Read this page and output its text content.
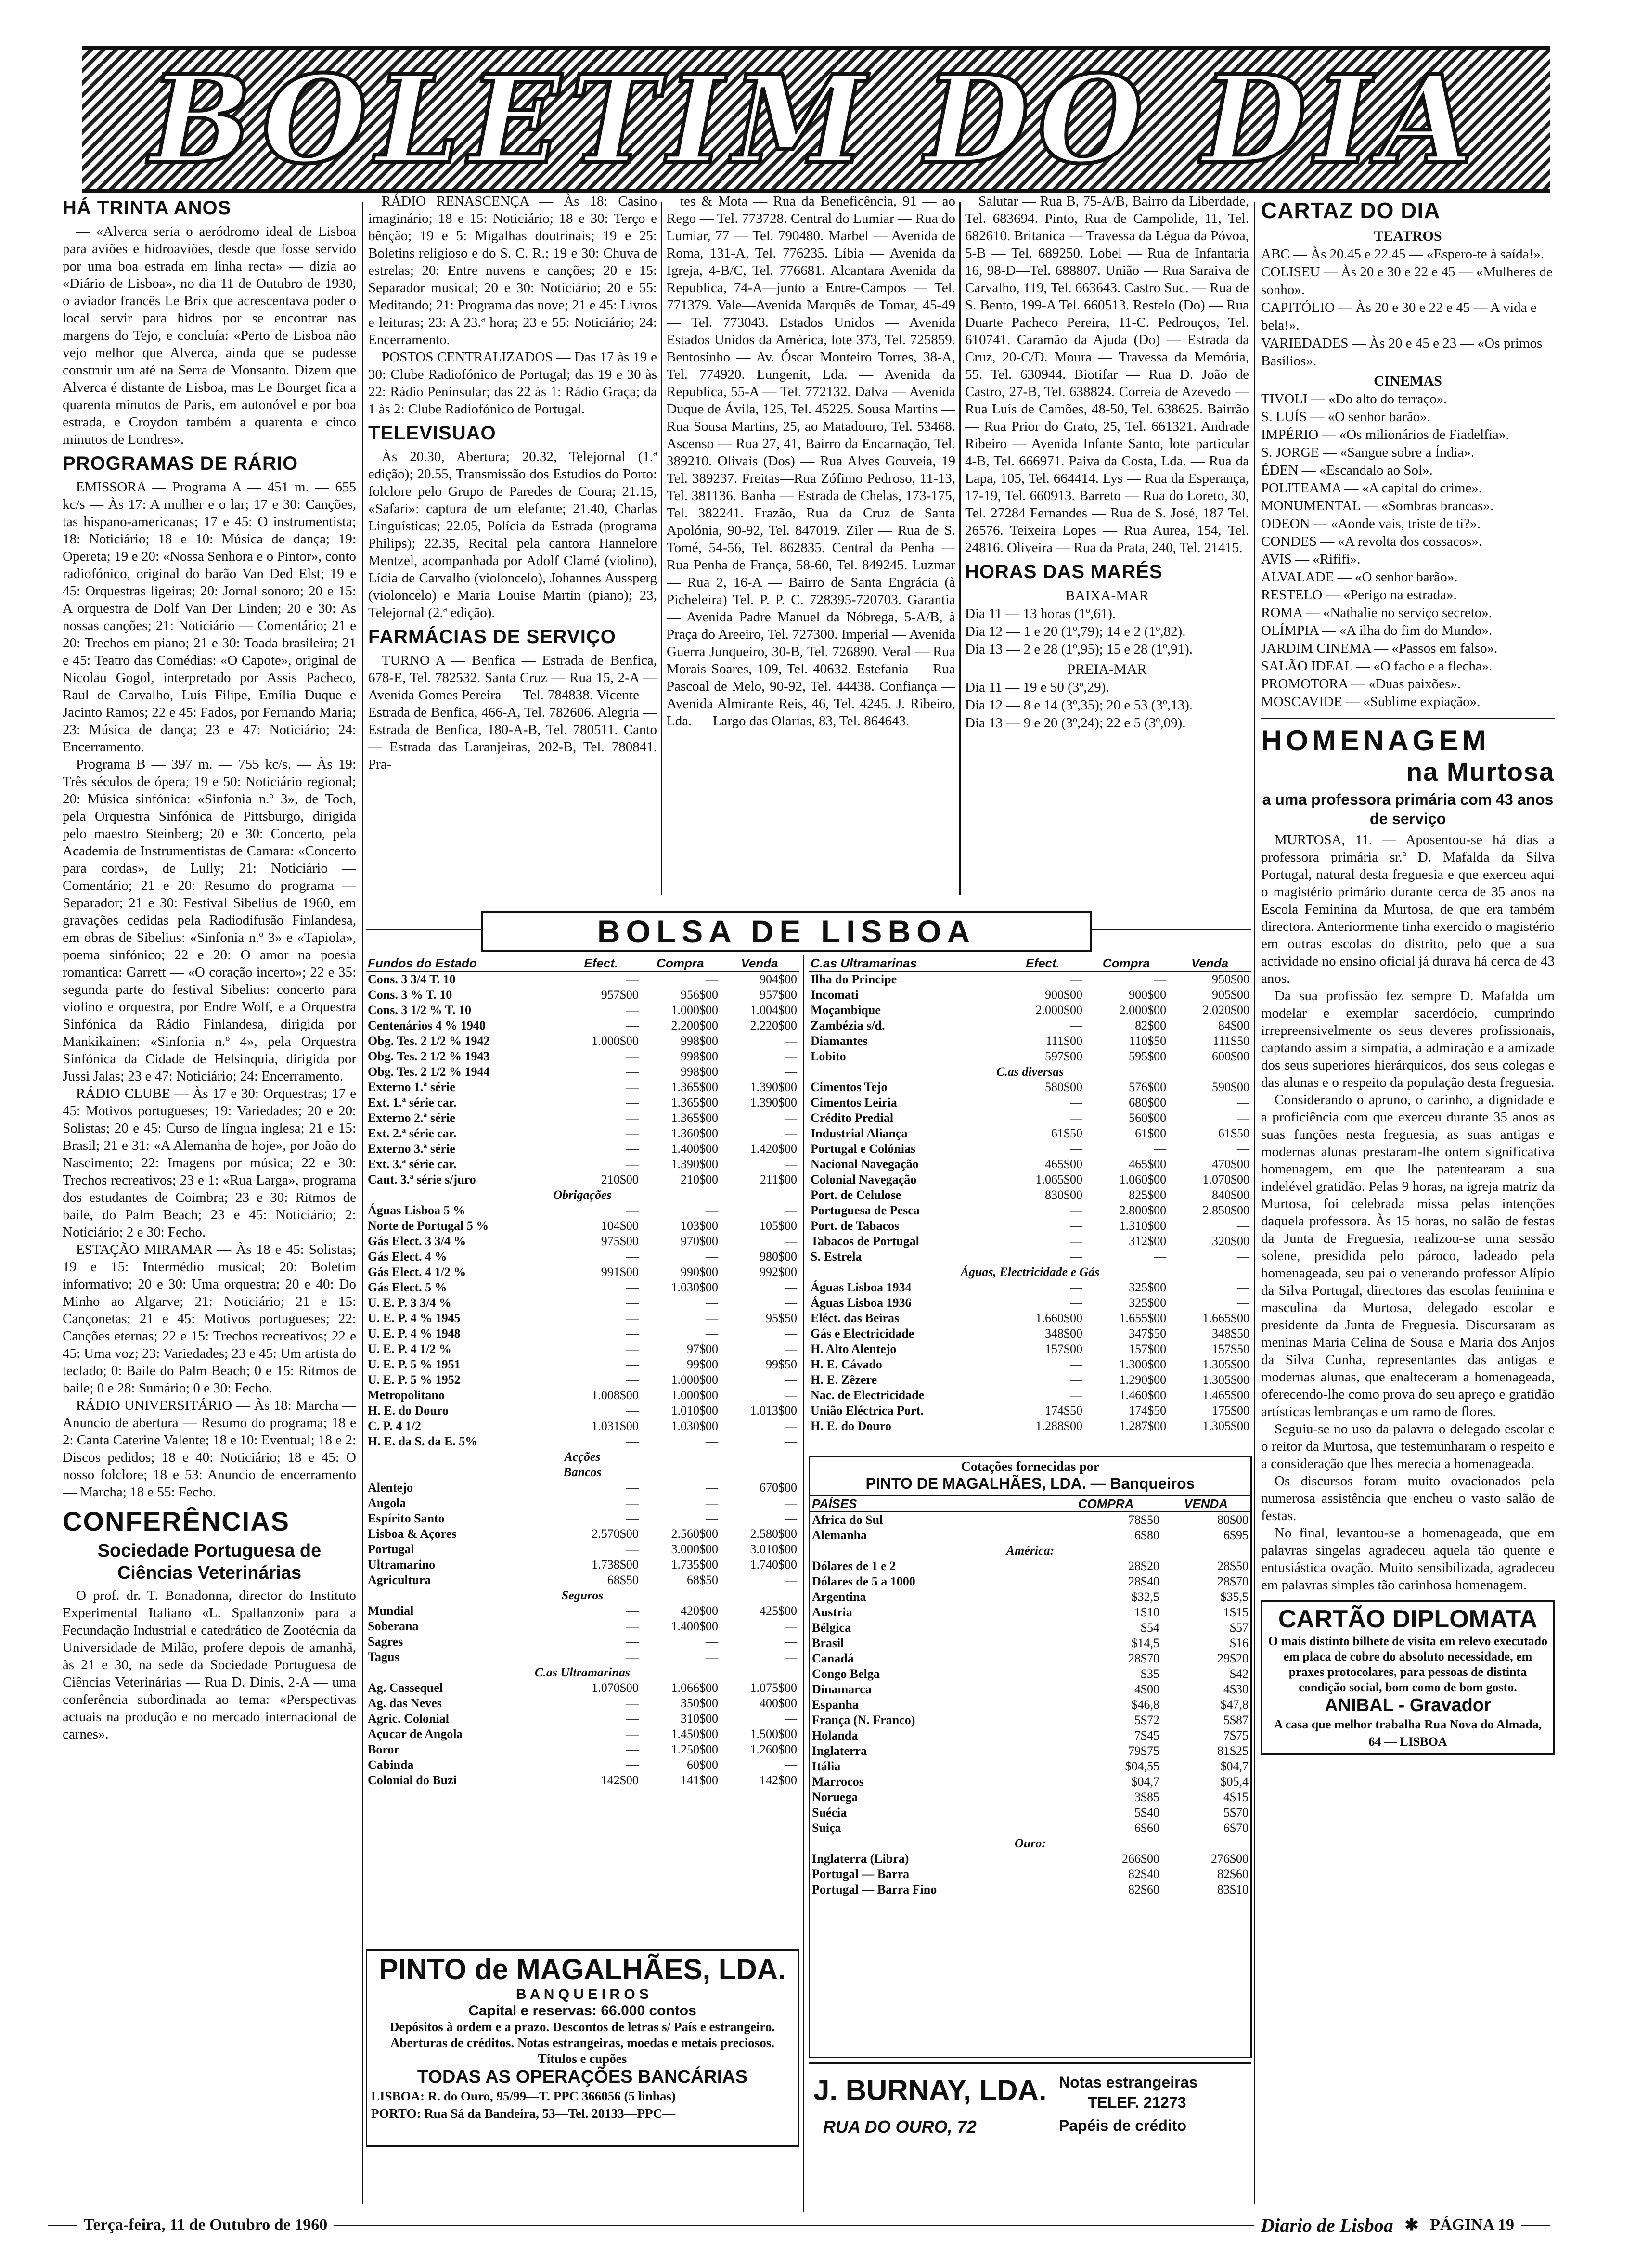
BOLETIM DO DIA
HÁ TRINTA ANOS

— «Alverca seria o aeródromo ideal de Lisboa para aviões e hidroaviões, desde que fosse servido por uma boa estrada em linha recta» — dizia ao «Diário de Lisboa», no dia 11 de Outubro de 1930, o aviador francês Le Brix que acrescentava poder o local servir para hidros por se encontrar nas margens do Tejo, e concluía: «Perto de Lisboa não vejo melhor que Alverca, ainda que se pudesse construir um até na Serra de Monsanto. Dizem que Alverca é distante de Lisboa, mas Le Bourget fica a quarenta minutos de Paris, em autonóvel e por boa estrada, e Croydon também a quarenta e cinco minutos de Londres».

PROGRAMAS DE RÁRIO

EMISSORA — Programa A — 451 m. — 655 kc/s — Às 17: A mulher e o lar; 17 e 30: Canções, tas hispano-americanas; 17 e 45: O instrumentista; 18: Noticiário; 18 e 10: Música de dança; 19: Opereta; 19 e 20: «Nossa Senhora e o Pintor», conto radiofónico, original do barão Van Ded Elst; 19 e 45: Orquestras ligeiras; 20: Jornal sonoro; 20 e 15: A orquestra de Dolf Van Der Linden; 20 e 30: As nossas canções; 21: Noticiário — Comentário; 21 e 20: Trechos em piano; 21 e 30: Toada brasileira; 21 e 45: Teatro das Comédias: «O Capote», original de Nicolau Gogol, interpretado por Assis Pacheco, Raul de Carvalho, Luís Filipe, Emília Duque e Jacinto Ramos; 22 e 45: Fados, por Fernando Maria; 23: Música de dança; 23 e 47: Noticiário; 24: Encerramento.

Programa B — 397 m. — 755 kc/s. — Às 19: Três séculos de ópera; 19 e 50: Noticiário regional; 20: Música sinfónica: «Sinfonia n.º 3», de Toch, pela Orquestra Sinfónica de Pittsburgo, dirigida pelo maestro Steinberg; 20 e 30: Concerto, pela Academia de Instrumentistas de Camara: «Concerto para cordas», de Lully; 21: Noticiário — Comentário; 21 e 20: Resumo do programa — Separador; 21 e 30: Festival Sibelius de 1960, em gravações cedidas pela Radiodifusão Finlandesa, em obras de Sibelius: «Sinfonia n.º 3» e «Tapiola», poema sinfónico; 22 e 20: O amor na poesia romantica: Garrett — «O coração incerto»; 22 e 35: segunda parte do festival Sibelius: concerto para violino e orquestra, por Endre Wolf, e a Orquestra Sinfónica da Rádio Finlandesa, dirigida por Mankikainen: «Sinfonia n.º 4», pela Orquestra Sinfónica da Cidade de Helsinquia, dirigida por Jussi Jalas; 23 e 47: Noticiário; 24: Encerramento.

RÁDIO CLUBE — Às 17 e 30: Orquestras; 17 e 45: Motivos portugueses; 19: Variedades; 20 e 20: Solistas; 20 e 45: Curso de língua inglesa; 21 e 15: Brasil; 21 e 31: «A Alemanha de hoje», por João do Nascimento; 22: Imagens por música; 22 e 30: Trechos recreativos; 23 e 1: «Rua Larga», programa dos estudantes de Coimbra; 23 e 30: Ritmos de baile, do Palm Beach; 23 e 45: Noticiário; 2: Noticiário; 2 e 30: Fecho.

ESTAÇÃO MIRAMAR — Às 18 e 45: Solistas; 19 e 15: Intermédio musical; 20: Boletim informativo; 20 e 30: Uma orquestra; 20 e 40: Do Minho ao Algarve; 21: Noticiário; 21 e 15: Cançonetas; 21 e 45: Motivos portugueses; 22: Canções eternas; 22 e 15: Trechos recreativos; 22 e 45: Uma voz; 23: Variedades; 23 e 45: Um artista do teclado; 0: Baile do Palm Beach; 0 e 15: Ritmos de baile; 0 e 28: Sumário; 0 e 30: Fecho.

RÁDIO UNIVERSITÁRIO — Às 18: Marcha — Anuncio de abertura — Resumo do programa; 18 e 2: Canta Caterine Valente; 18 e 10: Eventual; 18 e 2: Discos pedidos; 18 e 40: Noticiário; 18 e 45: O nosso folclore; 18 e 53: Anuncio de encerramento — Marcha; 18 e 55: Fecho.

CONFERÊNCIAS
Sociedade Portuguesa de Ciências Veterinárias

O prof. dr. T. Bonadonna, director do Instituto Experimental Italiano «L. Spallanzoni» para a Fecundação Industrial e catedrático de Zootécnia da Universidade de Milão, profere depois de amanhã, às 21 e 30, na sede da Sociedade Portuguesa de Ciências Veterinárias — Rua D. Dinis, 2-A — uma conferência subordinada ao tema: «Perspectivas actuais na produção e no mercado internacional de carnes».

RÁDIO RENASCENÇA — Às 18: Casino imaginário; 18 e 15: Noticiário; 18 e 30: Terço e bênção; 19 e 5: Migalhas doutrinais; 19 e 25: Boletins religioso e do S. C. R.; 19 e 30: Chuva de estrelas; 20: Entre nuvens e canções; 20 e 15: Separador musical; 20 e 30: Noticiário; 20 e 55: Meditando; 21: Programa das nove; 21 e 45: Livros e leituras; 23: A 23.ª hora; 23 e 55: Noticiário; 24: Encerramento.

POSTOS CENTRALIZADOS — Das 17 às 19 e 30: Clube Radiofónico de Portugal; das 19 e 30 às 22: Rádio Peninsular; das 22 às 1: Rádio Graça; da 1 às 2: Clube Radiofónico de Portugal.

TELEVISUAO

Às 20.30, Abertura; 20.32, Telejornal (1.ª edição); 20.55, Transmissão dos Estudios do Porto: folclore pelo Grupo de Paredes de Coura; 21.15, «Safari»: captura de um elefante; 21.40, Charlas Linguísticas; 22.05, Polícia da Estrada (programa Philips); 22.35, Recital pela cantora Hannelore Mentzel, acompanhada por Adolf Clamé (violino), Lídia de Carvalho (violoncelo), Johannes Aussperg (violoncelo) e Maria Louise Martin (piano); 23, Telejornal (2.ª edição).

FARMÁCIAS DE SERVIÇO

TURNO A — Benfica — Estrada de Benfica, 678-E, Tel. 782532. Santa Cruz — Rua 15, 2-A — Avenida Gomes Pereira — Tel. 784838. Vicente — Estrada de Benfica, 466-A, Tel. 782606. Alegria — Estrada de Benfica, 180-A-B, Tel. 780511. Canto — Estrada das Laranjeiras, 202-B, Tel. 780841. Pra-

tes & Mota — Rua da Beneficência, 91 — ao Rego — Tel. 773728. Central do Lumiar — Rua do Lumiar, 77 — Tel. 790480. Marbel — Avenida de Roma, 131-A, Tel. 776235. Líbia — Avenida da Igreja, 4-B/C, Tel. 776681. Alcantara Avenida da Republica, 74-A—junto a Entre-Campos — Tel. 771379. Vale—Avenida Marquês de Tomar, 45-49 — Tel. 773043. Estados Unidos — Avenida Estados Unidos da América, lote 373, Tel. 725859. Bentosinho — Av. Óscar Monteiro Torres, 38-A, Tel. 774920. Lungenit, Lda. — Avenida da Republica, 55-A — Tel. 772132. Dalva — Avenida Duque de Ávila, 125, Tel. 45225. Sousa Martins — Rua Sousa Martins, 25, ao Matadouro, Tel. 53468. Ascenso — Rua 27, 41, Bairro da Encarnação, Tel. 389210. Olivais (Dos) — Rua Alves Gouveia, 19 Tel. 389237. Freitas—Rua Zófimo Pedroso, 11-13, Tel. 381136. Banha — Estrada de Chelas, 173-175, Tel. 382241. Frazão, Rua da Cruz de Santa Apolónia, 90-92, Tel. 847019. Ziler — Rua de S. Tomé, 54-56, Tel. 862835. Central da Penha — Rua Penha de França, 58-60, Tel. 849245. Luzmar — Rua 2, 16-A — Bairro de Santa Engrácia (à Picheleira) Tel. P. P. C. 728395-720703. Garantia — Avenida Padre Manuel da Nóbrega, 5-A/B, à Praça do Areeiro, Tel. 727300. Imperial — Avenida Guerra Junqueiro, 30-B, Tel. 726890. Veral — Rua Morais Soares, 109, Tel. 40632. Estefania — Rua Pascoal de Melo, 90-92, Tel. 44438. Confiança — Avenida Almirante Reis, 46, Tel. 4245. J. Ribeiro, Lda. — Largo das Olarias, 83, Tel. 864643.

Salutar — Rua B, 75-A/B, Bairro da Liberdade, Tel. 683694. Pinto, Rua de Campolide, 11, Tel. 682610. Britanica — Travessa da Légua da Póvoa, 5-B — Tel. 689250. Lobel — Rua de Infantaria 16, 98-D—Tel. 688807. União — Rua Saraiva de Carvalho, 119, Tel. 663643. Castro Suc. — Rua de S. Bento, 199-A Tel. 660513. Restelo (Do) — Rua Duarte Pacheco Pereira, 11-C. Pedrouços, Tel. 610741. Caramão da Ajuda (Do) — Estrada da Cruz, 20-C/D. Moura — Travessa da Memória, 55. Tel. 630944. Biotifar — Rua D. João de Castro, 27-B, Tel. 638824. Correia de Azevedo — Rua Luís de Camões, 48-50, Tel. 638625. Bairrão — Rua Prior do Crato, 25, Tel. 661321. Andrade Ribeiro — Avenida Infante Santo, lote particular 4-B, Tel. 666971. Paiva da Costa, Lda. — Rua da Lapa, 105, Tel. 664414. Lys — Rua da Esperança, 17-19, Tel. 660913. Barreto — Rua do Loreto, 30, Tel. 27284 Fernandes — Rua de S. José, 187 Tel. 26576. Teixeira Lopes — Rua Aurea, 154, Tel. 24816. Oliveira — Rua da Prata, 240, Tel. 21415.

HORAS DAS MARÉS
BAIXA-MAR
Dia 11 — 13 horas (1º,61).
Dia 12 — 1 e 20 (1º,79); 14 e 2 (1º,82).
Dia 13 — 2 e 28 (1º,95); 15 e 28 (1º,91).
PREIA-MAR
Dia 11 — 19 e 50 (3º,29).
Dia 12 — 8 e 14 (3º,35); 20 e 53 (3º,13).
Dia 13 — 9 e 20 (3º,24); 22 e 5 (3º,09).
CARTAZ DO DIA
TEATROS
ABC — Às 20.45 e 22.45 — «Espero-te à saída!».
COLISEU — Às 20 e 30 e 22 e 45 — «Mulheres de sonho».
CAPITÓLIO — Às 20 e 30 e 22 e 45 — A vida e bela!».
VARIEDADES — Às 20 e 45 e 23 — «Os primos Basílios».
CINEMAS
TIVOLI — «Do alto do terraço».
S. LUÍS — «O senhor barão».
IMPÉRIO — «Os milionários de Fiadelfia».
S. JORGE — «Sangue sobre a Índia».
ÉDEN — «Escandalo ao Sol».
POLITEAMA — «A capital do crime».
MONUMENTAL — «Sombras brancas».
ODEON — «Aonde vais, triste de ti?».
CONDES — «A revolta dos cossacos».
AVIS — «Rififi».
ALVALADE — «O senhor barão».
RESTELO — «Perigo na estrada».
ROMA — «Nathalie no serviço secreto».
OLÍMPIA — «A ilha do fim do Mundo».
JARDIM CINEMA — «Passos em falso».
SALÃO IDEAL — «O facho e a flecha».
PROMOTORA — «Duas paixões».
MOSCAVIDE — «Sublime expiação».
HOMENAGEM
na Murtosa
a uma professora primária com 43 anos de serviço

MURTOSA, 11. — Aposentou-se há dias a professora primária sr.ª D. Mafalda da Silva Portugal, natural desta freguesia e que exerceu aqui o magistério primário durante cerca de 35 anos na Escola Feminina da Murtosa, de que era também directora. Anteriormente tinha exercido o magistério em outras escolas do distrito, pelo que a sua actividade no ensino oficial já durava há cerca de 43 anos.

Da sua profissão fez sempre D. Mafalda um modelar e exemplar sacerdócio, cumprindo irrepreensivelmente os seus deveres profissionais, captando assim a simpatia, a admiração e a amizade dos seus superiores hierárquicos, dos seus colegas e das alunas e o respeito da população desta freguesia.

Considerando o apruno, o carinho, a dignidade e a proficiência com que exerceu durante 35 anos as suas funções nesta freguesia, as suas antigas e modernas alunas prestaram-lhe ontem significativa homenagem, em que lhe patentearam a sua indelével gratidão. Pelas 9 horas, na igreja matriz da Murtosa, foi celebrada missa pelas intenções daquela professora. Às 15 horas, no salão de festas da Junta de Freguesia, realizou-se uma sessão solene, presidida pelo pároco, ladeado pela homenageada, seu pai o venerando professor Alípio da Silva Portugal, directores das escolas feminina e masculina da Murtosa, delegado escolar e presidente da Junta de Freguesia. Discursaram as meninas Maria Celina de Sousa e Maria dos Anjos da Silva Cunha, representantes das antigas e modernas alunas, que enalteceram a homenageada, oferecendo-lhe como prova do seu apreço e gratidão artísticas lembranças e um ramo de flores.

Seguiu-se no uso da palavra o delegado escolar e o reitor da Murtosa, que testemunharam o respeito e a consideração que lhes merecia a homenageada.

Os discursos foram muito ovacionados pela numerosa assistência que encheu o vasto salão de festas.

No final, levantou-se a homenageada, que em palavras singelas agradeceu aquela tão quente e entusiástica ovação. Muito sensibilizada, agradeceu em palavras simples tão carinhosa homenagem.

CARTÃO DIPLOMATA
O mais distinto bilhete de visita em relevo executado em placa de cobre do absoluto necessidade, em praxes protocolares, para pessoas de distinta condição social, bom como de bom gosto.
ANIBAL - Gravador
A casa que melhor trabalha Rua Nova do Almada, 64 — LISBOA
BOLSA DE LISBOA
Fundos do Estado	Efect.	Compra	Venda
Cons. 3 3/4 T. 10	—	—	904$00
Cons. 3 % T. 10	957$00	956$00	957$00
Cons. 3 1/2 % T. 10	—	1.000$00	1.004$00
Centenários 4 % 1940	—	2.200$00	2.220$00
Obg. Tes. 2 1/2 % 1942	1.000$00	998$00	—
Obg. Tes. 2 1/2 % 1943	—	998$00	—
Obg. Tes. 2 1/2 % 1944	—	998$00	—
Externo 1.ª série	—	1.365$00	1.390$00
Ext. 1.ª série car.	—	1.365$00	1.390$00
Externo 2.ª série	—	1.365$00	—
Ext. 2.ª série car.	—	1.360$00	—
Externo 3.ª série	—	1.400$00	1.420$00
Ext. 3.ª série car.	—	1.390$00	—
Caut. 3.ª série s/juro	210$00	210$00	211$00
Obrigações			
Águas Lisboa 5 %	—	—	—
Norte de Portugal 5 %	104$00	103$00	105$00
Gás Elect. 3 3/4 %	975$00	970$00	—
Gás Elect. 4 %	—	—	980$00
Gás Elect. 4 1/2 %	991$00	990$00	992$00
Gás Elect. 5 %	—	1.030$00	—
U. E. P. 3 3/4 %	—	—	—
U. E. P. 4 % 1945	—	—	95$50
U. E. P. 4 % 1948	—	—	—
U. E. P. 4 1/2 %	—	97$00	—
U. E. P. 5 % 1951	—	99$00	99$50
U. E. P. 5 % 1952	—	1.000$00	—
Metropolitano	1.008$00	1.000$00	—
H. E. do Douro	—	1.010$00	1.013$00
C. P. 4 1/2	1.031$00	1.030$00	—
H. E. da S. da E. 5%	—	—	—
Acções			
Bancos			
Alentejo	—	—	670$00
Angola	—	—	—
Espírito Santo	—	—	—
Lisboa & Açores	2.570$00	2.560$00	2.580$00
Portugal	—	3.000$00	3.010$00
Ultramarino	1.738$00	1.735$00	1.740$00
Agricultura	68$50	68$50	—
Seguros			
Mundial	—	420$00	425$00
Soberana	—	1.400$00	—
Sagres	—	—	—
Tagus	—	—	—
C.as Ultramarinas			
Ag. Cassequel	1.070$00	1.066$00	1.075$00
Ag. das Neves	—	350$00	400$00
Agric. Colonial	—	310$00	—
Açucar de Angola	—	1.450$00	1.500$00
Boror	—	1.250$00	1.260$00
Cabinda	—	60$00	—
Colonial do Buzi	142$00	141$00	142$00
C.as Ultramarinas	Efect.	Compra	Venda
Ilha do Principe	—	—	950$00
Incomati	900$00	900$00	905$00
Moçambique	2.000$00	2.000$00	2.020$00
Zambézia s/d.	—	82$00	84$00
Diamantes	111$00	110$50	111$50
Lobito	597$00	595$00	600$00
C.as diversas			
Cimentos Tejo	580$00	576$00	590$00
Cimentos Leiria	—	680$00	—
Crédito Predial	—	560$00	—
Industrial Aliança	61$50	61$00	61$50
Portugal e Colónias	—	—	—
Nacional Navegação	465$00	465$00	470$00
Colonial Navegação	1.065$00	1.060$00	1.070$00
Port. de Celulose	830$00	825$00	840$00
Portuguesa de Pesca	—	2.800$00	2.850$00
Port. de Tabacos	—	1.310$00	—
Tabacos de Portugal	—	312$00	320$00
S. Estrela	—	—	—
Águas, Electricidade e Gás			
Águas Lisboa 1934	—	325$00	—
Águas Lisboa 1936	—	325$00	—
Eléct. das Beiras	1.660$00	1.655$00	1.665$00
Gás e Electricidade	348$00	347$50	348$50
H. Alto Alentejo	157$00	157$00	157$50
H. E. Cávado	—	1.300$00	1.305$00
H. E. Zêzere	—	1.290$00	1.305$00
Nac. de Electricidade	—	1.460$00	1.465$00
União Eléctrica Port.	174$50	174$50	175$00
H. E. do Douro	1.288$00	1.287$00	1.305$00
Cotações fornecidas por
PINTO DE MAGALHÃES, LDA. — Banqueiros
PAÍSES	COMPRA	VENDA
Africa do Sul	78$50	80$00
Alemanha	6$80	6$95
América:		
Dólares de 1 e 2	28$20	28$50
Dólares de 5 a 1000	28$40	28$70
Argentina	$32,5	$35,5
Austria	1$10	1$15
Bélgica	$54	$57
Brasil	$14,5	$16
Canadá	28$70	29$20
Congo Belga	$35	$42
Dinamarca	4$00	4$30
Espanha	$46,8	$47,8
França (N. Franco)	5$72	5$87
Holanda	7$45	7$75
Inglaterra	79$75	81$25
Itália	$04,55	$04,7
Marrocos	$04,7	$05,4
Noruega	3$85	4$15
Suécia	5$40	5$70
Suiça	6$60	6$70
Ouro:		
Inglaterra (Libra)	266$00	276$00
Portugal — Barra	82$40	82$60
Portugal — Barra Fino	82$60	83$10
PINTO de MAGALHÃES, LDA.
B A N Q U E I R O S
Capital e reservas: 66.000 contos
Depósitos à ordem e a prazo. Descontos de letras s/ País e estrangeiro. Aberturas de créditos. Notas estrangeiras, moedas e metais preciosos. Títulos e cupões
TODAS AS OPERAÇÕES BANCÁRIAS
LISBOA: R. do Ouro, 95/99—T. PPC 366056 (5 linhas)
PORTO: Rua Sá da Bandeira, 53—Tel. 20133—PPC—
J. BURNAY, LDA.
RUA DO OURO, 72
Notas estrangeiras
TELEF. 21273
Papéis de crédito
Terça-feira, 11 de Outubro de 1960	Diario de Lisboa ✱ PÁGINA 19
